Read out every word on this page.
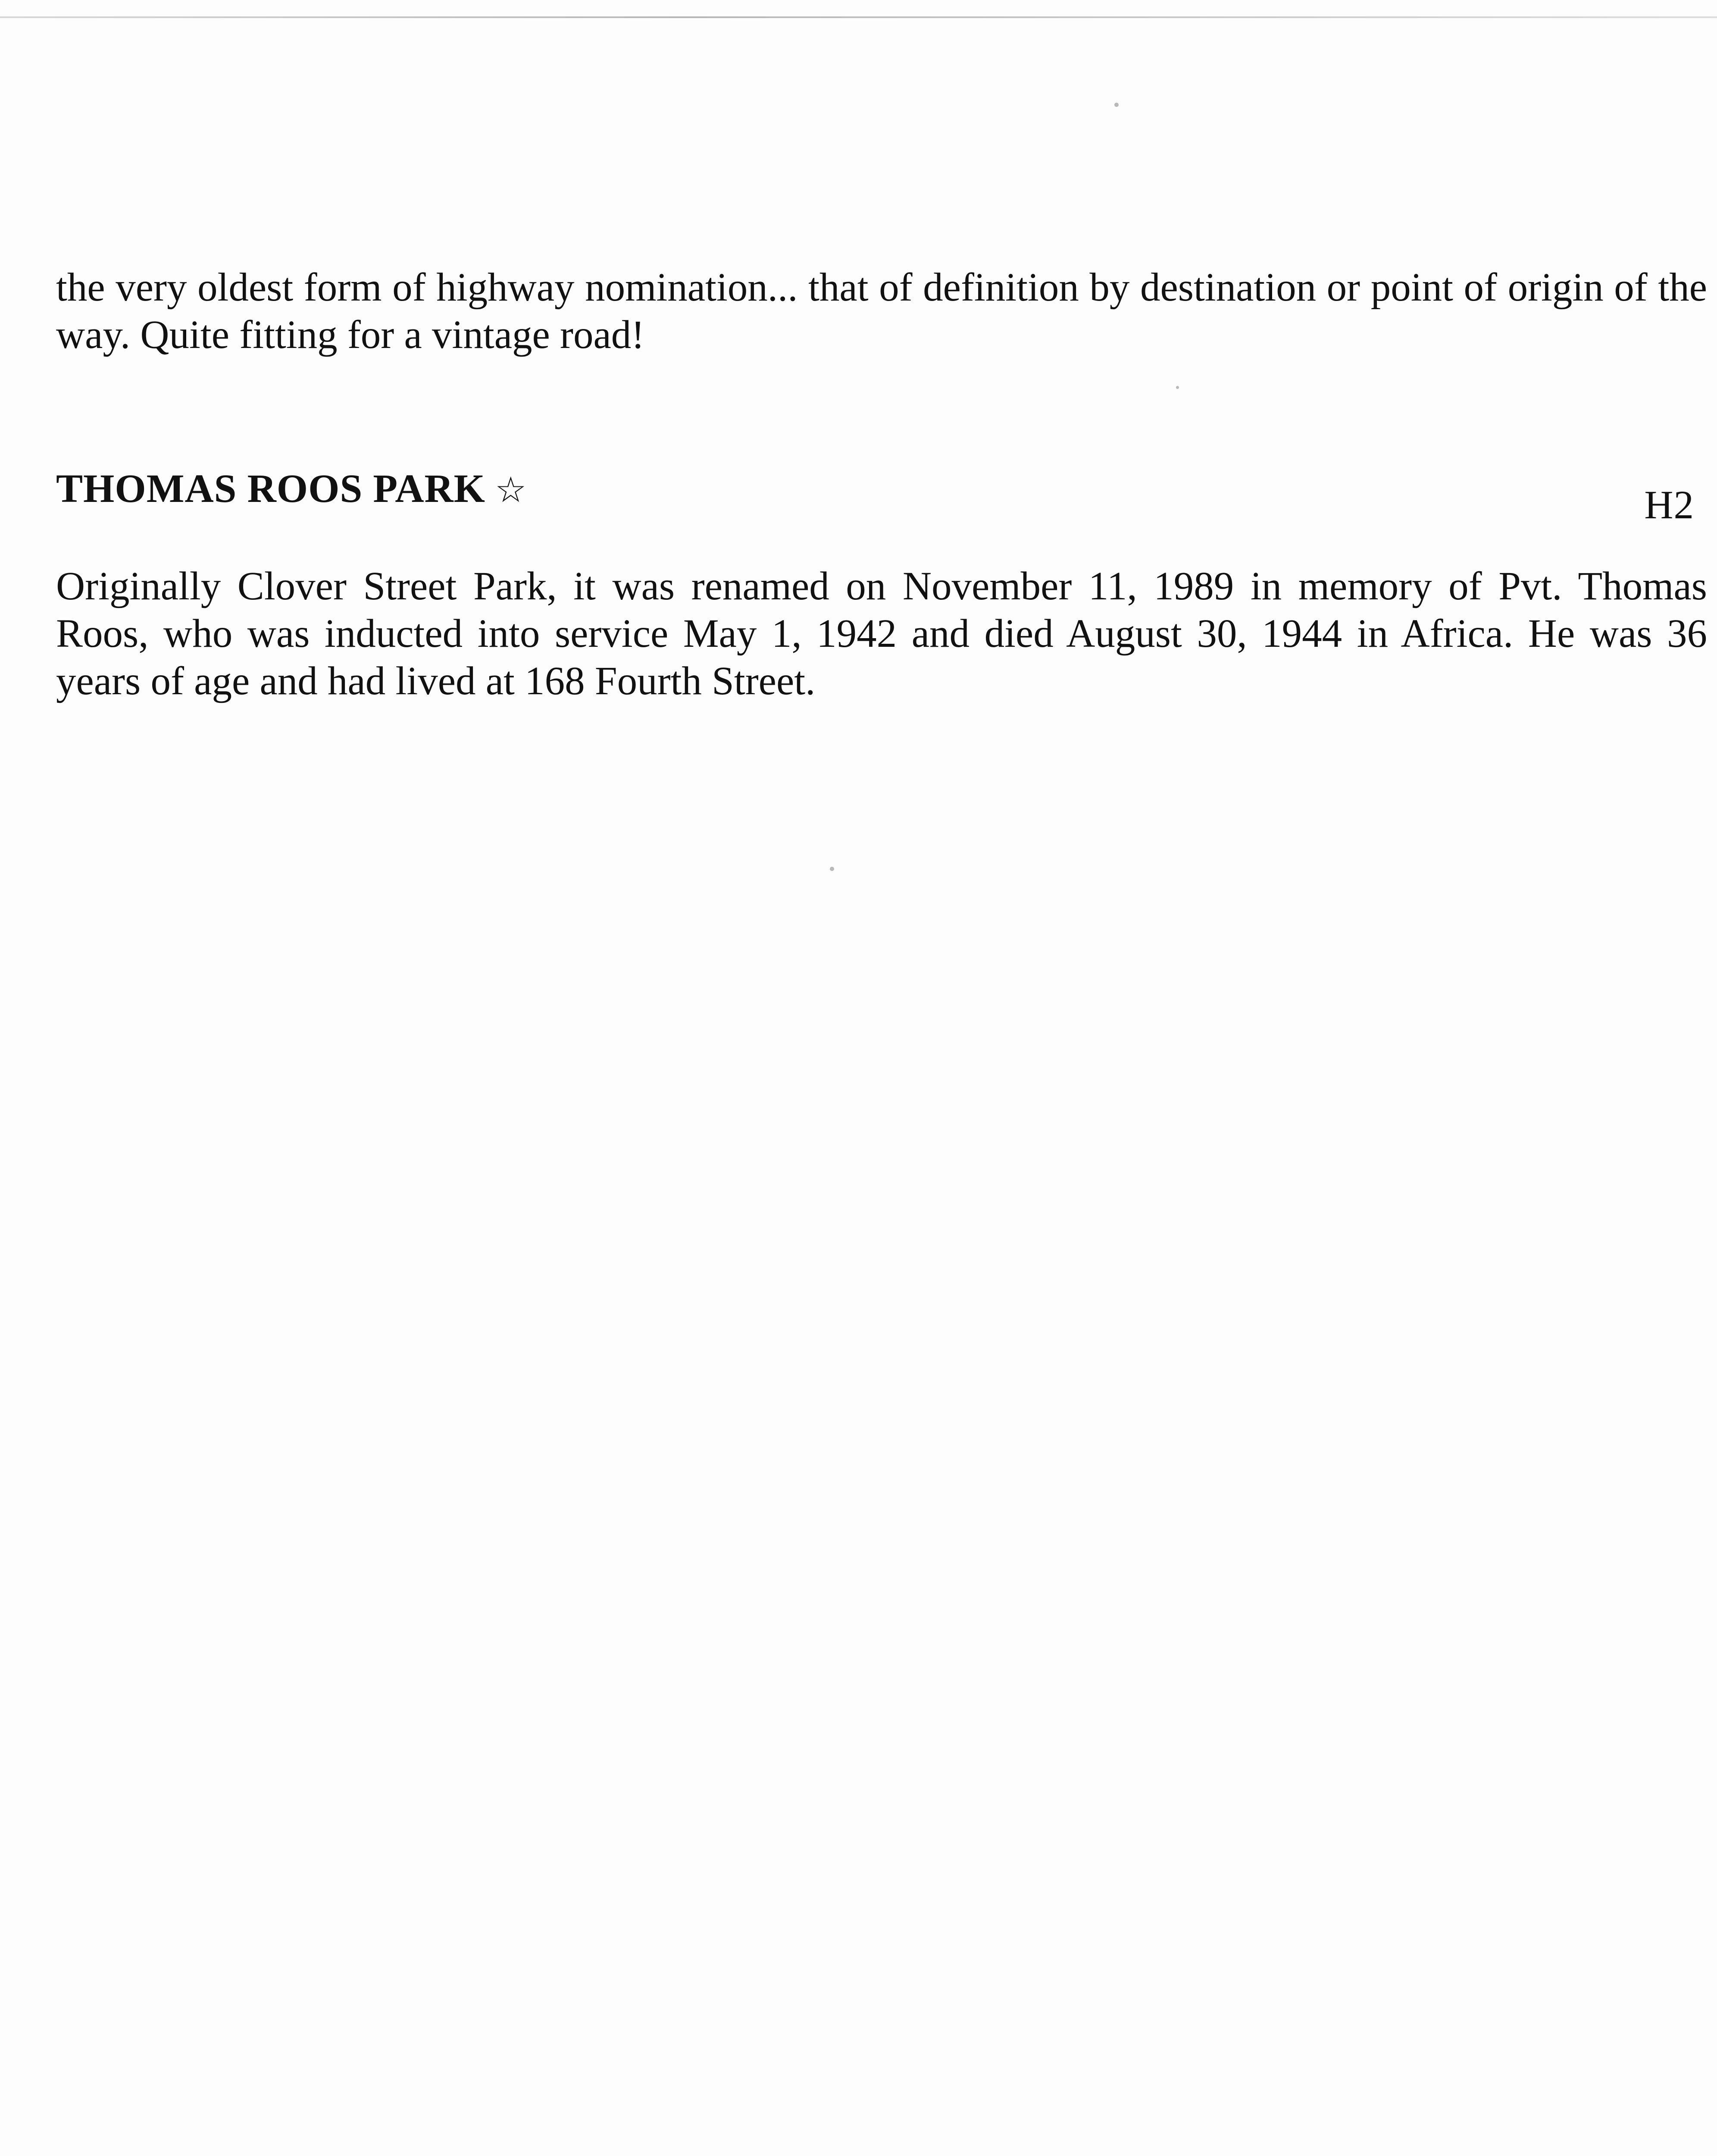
the very oldest form of highway nomination... that of definition by destination or point of origin of the way. Quite fitting for a vintage road!

THOMAS ROOS PARK ☆	H2

Originally Clover Street Park, it was renamed on November 11, 1989 in memory of Pvt. Thomas Roos, who was inducted into service May 1, 1942 and died August 30, 1944 in Africa. He was 36 years of age and had lived at 168 Fourth Street.
